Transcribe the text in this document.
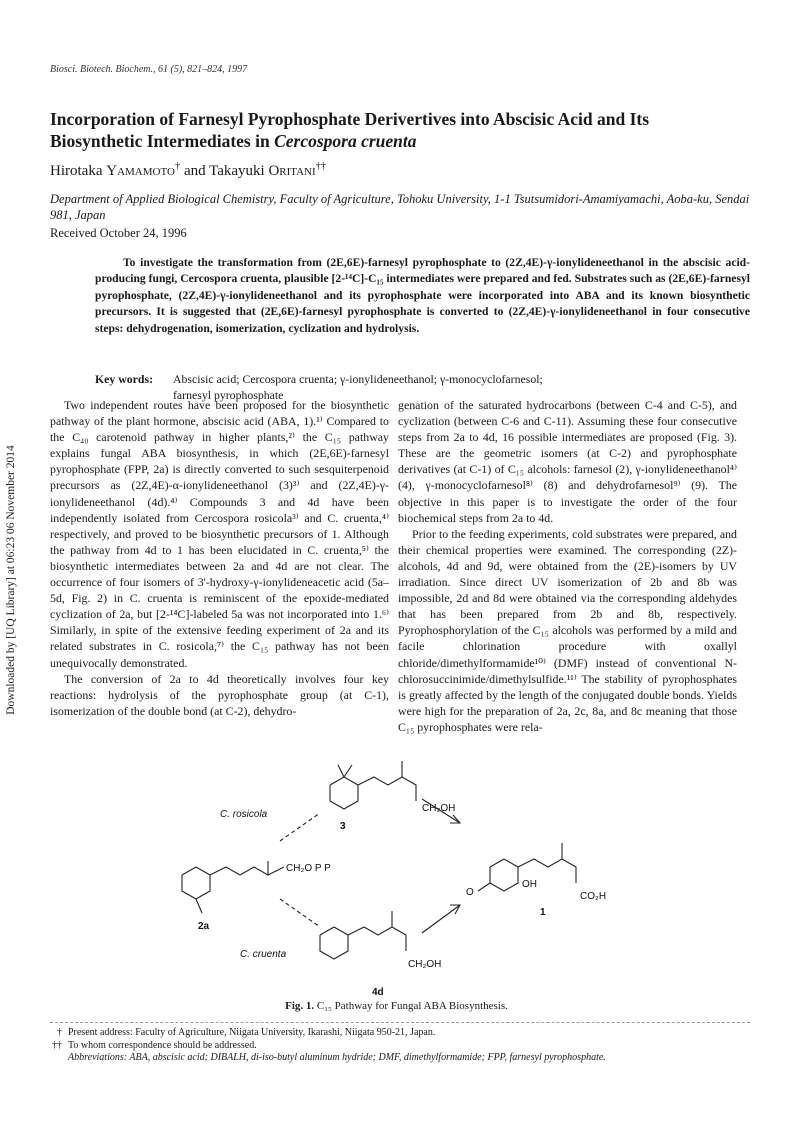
Downloaded by [UQ Library] at 06:23 06 November 2014
Biosci. Biotech. Biochem., 61 (5), 821–824, 1997
Incorporation of Farnesyl Pyrophosphate Derivertives into Abscisic Acid and Its
Biosynthetic Intermediates in Cercospora cruenta
Hirotaka Yamamoto† and Takayuki Oritani††
Department of Applied Biological Chemistry, Faculty of Agriculture, Tohoku University, 1-1 Tsutsumidori-Amamiyamachi, Aoba-ku, Sendai 981, Japan
Received October 24, 1996

To investigate the transformation from (2E,6E)-farnesyl pyrophosphate to (2Z,4E)-γ-ionylideneethanol in the abscisic acid-producing fungi, Cercospora cruenta, plausible [2-¹⁴C]-C₁₅ intermediates were prepared and fed. Substrates such as (2E,6E)-farnesyl pyrophosphate, (2Z,4E)-γ-ionylideneethanol and its pyrophosphate were incorporated into ABA and its known biosynthetic precursors. It is suggested that (2E,6E)-farnesyl pyrophosphate is converted to (2Z,4E)-γ-ionylideneethanol in four consecutive steps: dehydrogenation, isomerization, cyclization and hydrolysis.

Key words: Abscisic acid; Cercospora cruenta; γ-ionylideneethanol; γ-monocyclofarnesol;
farnesyl pyrophosphate

Two independent routes have been proposed for the biosynthetic pathway of the plant hormone, abscisic acid (ABA, 1).¹⁾ Compared to the C₄₀ carotenoid pathway in higher plants,²⁾ the C₁₅ pathway explains fungal ABA biosynthesis, in which (2E,6E)-farnesyl pyrophosphate (FPP, 2a) is directly converted to such sesquiterpenoid precursors as (2Z,4E)-α-ionylideneethanol (3)³⁾ and (2Z,4E)-γ-ionylideneethanol (4d).⁴⁾ Compounds 3 and 4d have been independently isolated from Cercospora rosicola³⁾ and C. cruenta,⁴⁾ respectively, and proved to be biosynthetic precursors of 1. Although the pathway from 4d to 1 has been elucidated in C. cruenta,⁵⁾ the biosynthetic intermediates between 2a and 4d are not clear. The occurrence of four isomers of 3'-hydroxy-γ-ionylideneacetic acid (5a–5d, Fig. 2) in C. cruenta is reminiscent of the epoxide-mediated cyclization of 2a, but [2-¹⁴C]-labeled 5a was not incorporated into 1.⁶⁾ Similarly, in spite of the extensive feeding experiment of 2a and its related substrates in C. rosicola,⁷⁾ the C₁₅ pathway has not been unequivocally demonstrated.

The conversion of 2a to 4d theoretically involves four key reactions: hydrolysis of the pyrophosphate group (at C-1), isomerization of the double bond (at C-2), dehydro-

genation of the saturated hydrocarbons (between C-4 and C-5), and cyclization (between C-6 and C-11). Assuming these four consecutive steps from 2a to 4d, 16 possible intermediates are proposed (Fig. 3). These are the geometric isomers (at C-2) and pyrophosphate derivatives (at C-1) of C₁₅ alcohols: farnesol (2), γ-ionylideneethanol⁴⁾ (4), γ-monocyclofarnesol⁸⁾ (8) and dehydrofarnesol⁹⁾ (9). The objective in this paper is to investigate the order of the four biochemical steps from 2a to 4d.

Prior to the feeding experiments, cold substrates were prepared, and their chemical properties were examined. The corresponding (2Z)-alcohols, 4d and 9d, were obtained from the (2E)-isomers by UV irradiation. Since direct UV isomerization of 2b and 8b was impossible, 2d and 8d were obtained via the corresponding aldehydes that has been prepared from 2b and 8b, respectively. Pyrophosphorylation of the C₁₅ alcohols was performed by a mild and facile chlorination procedure with oxallyl chloride/dimethylformamide¹⁰⁾ (DMF) instead of conventional N-chlorosuccinimide/dimethylsulfide.¹¹⁾ The stability of pyrophosphates is greatly affected by the length of the conjugated double bonds. Yields were high for the preparation of 2a, 2c, 8a, and 8c meaning that those C₁₅ pyrophosphates were rela-

C. rosicola
C. cruenta
3
2a
4d
1
CH₂OH
CH₂O P P
CH₂OH
OH
CO₂H
O
Fig. 1. C₁₅ Pathway for Fungal ABA Biosynthesis.
† Present address: Faculty of Agriculture, Niigata University, Ikarashi, Niigata 950-21, Japan.
†† To whom correspondence should be addressed.
Abbreviations: ABA, abscisic acid; DIBALH, di-iso-butyl aluminum hydride; DMF, dimethylformamide; FPP, farnesyl pyrophosphate.
